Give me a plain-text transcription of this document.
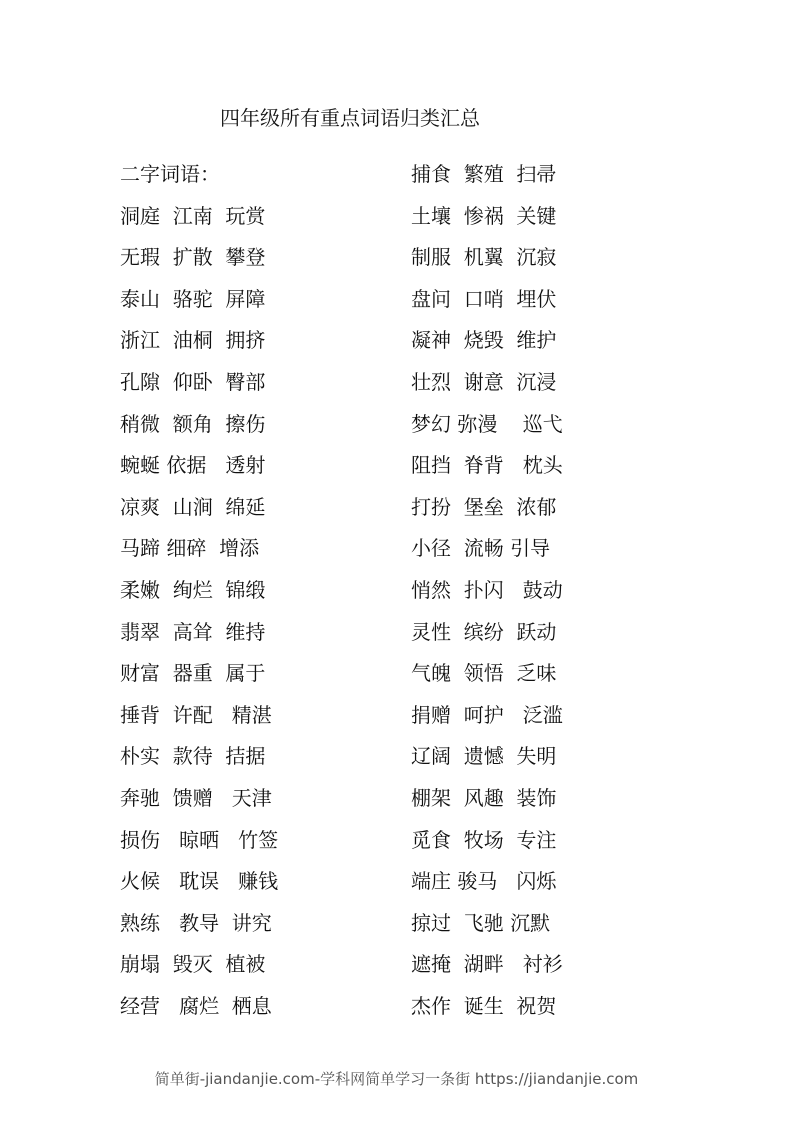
四年级所有重点词语归类汇总
二字词语：
洞庭  江南  玩赏
无瑕  扩散  攀登
泰山  骆驼  屏障
浙江  油桐  拥挤
孔隙  仰卧  臀部
稍微  额角  擦伤
蜿蜒 依据   透射
凉爽  山涧  绵延
马蹄 细碎  增添
柔嫩  绚烂  锦缎
翡翠  高耸  维持
财富  器重  属于
捶背  许配   精湛
朴实  款待  拮据
奔驰  馈赠   天津
损伤   晾晒   竹签
火候   耽误   赚钱
熟练   教导  讲究
崩塌  毁灭  植被
经营   腐烂  栖息
捕食  繁殖  扫帚
土壤  惨祸  关键
制服  机翼  沉寂
盘问  口哨  埋伏
凝神  烧毁  维护
壮烈  谢意  沉浸
梦幻 弥漫    巡弋
阻挡  脊背   枕头
打扮  堡垒  浓郁
小径  流畅 引导
悄然  扑闪   鼓动
灵性  缤纷  跃动
气魄  领悟  乏味
捐赠  呵护   泛滥
辽阔  遗憾  失明
棚架  风趣  装饰
觅食  牧场  专注
端庄 骏马   闪烁
掠过  飞驰 沉默
遮掩  湖畔   衬衫
杰作  诞生  祝贺
简单街-jiandanjie.com-学科网简单学习一条街 https://jiandanjie.com
